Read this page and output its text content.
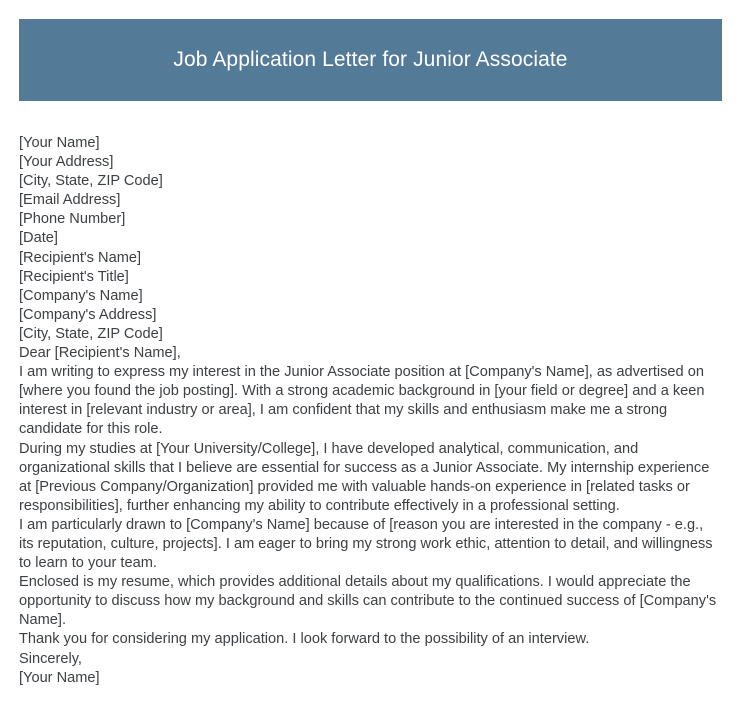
Job Application Letter for Junior Associate
[Your Name]
[Your Address]
[City, State, ZIP Code]
[Email Address]
[Phone Number]
[Date]
[Recipient's Name]
[Recipient's Title]
[Company's Name]
[Company's Address]
[City, State, ZIP Code]
Dear [Recipient's Name],
I am writing to express my interest in the Junior Associate position at [Company's Name], as advertised on [where you found the job posting]. With a strong academic background in [your field or degree] and a keen interest in [relevant industry or area], I am confident that my skills and enthusiasm make me a strong candidate for this role.
During my studies at [Your University/College], I have developed analytical, communication, and organizational skills that I believe are essential for success as a Junior Associate. My internship experience at [Previous Company/Organization] provided me with valuable hands-on experience in [related tasks or responsibilities], further enhancing my ability to contribute effectively in a professional setting.
I am particularly drawn to [Company's Name] because of [reason you are interested in the company - e.g., its reputation, culture, projects]. I am eager to bring my strong work ethic, attention to detail, and willingness to learn to your team.
Enclosed is my resume, which provides additional details about my qualifications. I would appreciate the opportunity to discuss how my background and skills can contribute to the continued success of [Company's Name].
Thank you for considering my application. I look forward to the possibility of an interview.
Sincerely,
[Your Name]
